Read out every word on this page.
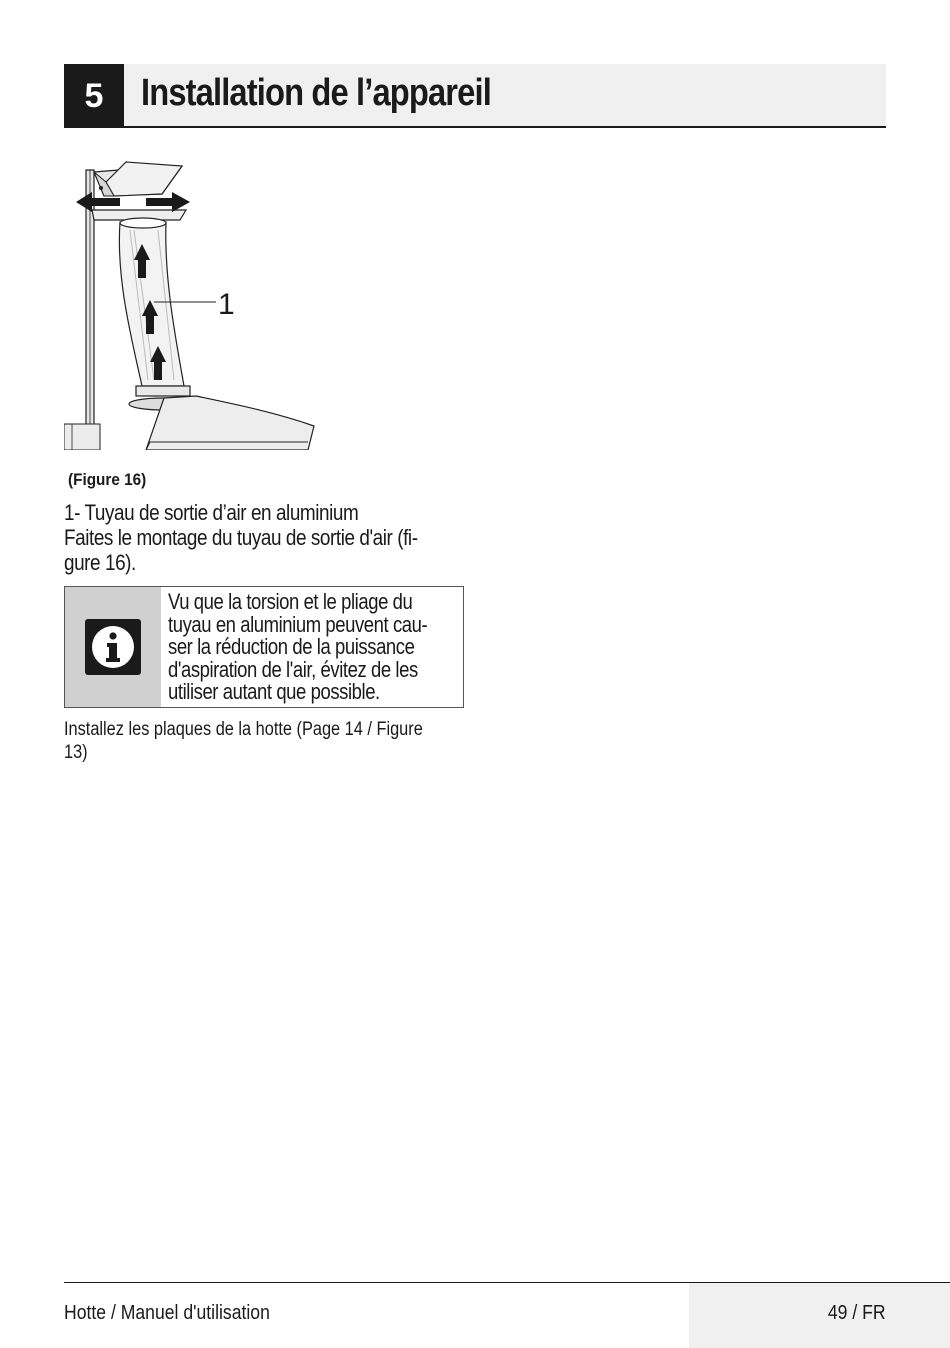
5 Installation de l’appareil
1
(Figure 16)
1- Tuyau de sortie d’air en aluminium
Faites le montage du tuyau de sortie d'air (fi-
gure 16).
Vu que la torsion et le pliage du
tuyau en aluminium peuvent cau-
ser la réduction de la puissance
d'aspiration de l'air, évitez de les
utiliser autant que possible.
Installez les plaques de la hotte (Page 14 / Figure
13)
Hotte / Manuel d'utilisation	49 / FR
